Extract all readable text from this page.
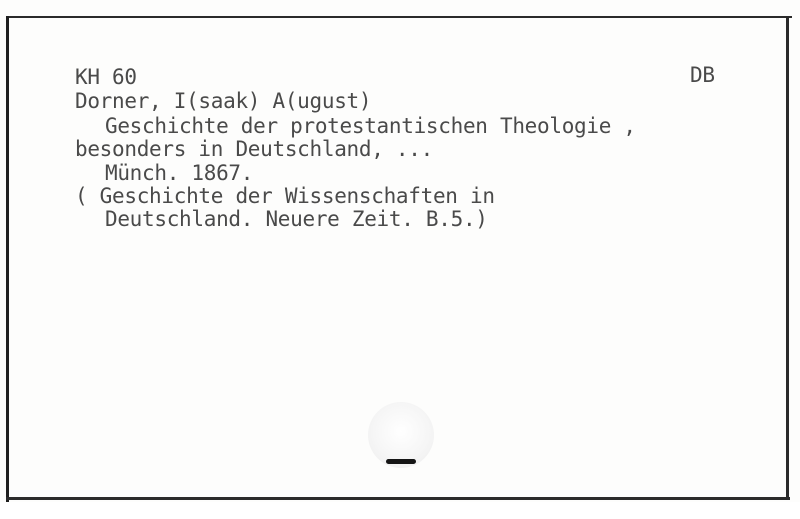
KH 60	DB
Dorner, I(saak) A(ugust)
Geschichte der protestantischen Theologie ,
besonders in Deutschland, ...
Münch. 1867.
( Geschichte der Wissenschaften in
Deutschland. Neuere Zeit. B.5.)
